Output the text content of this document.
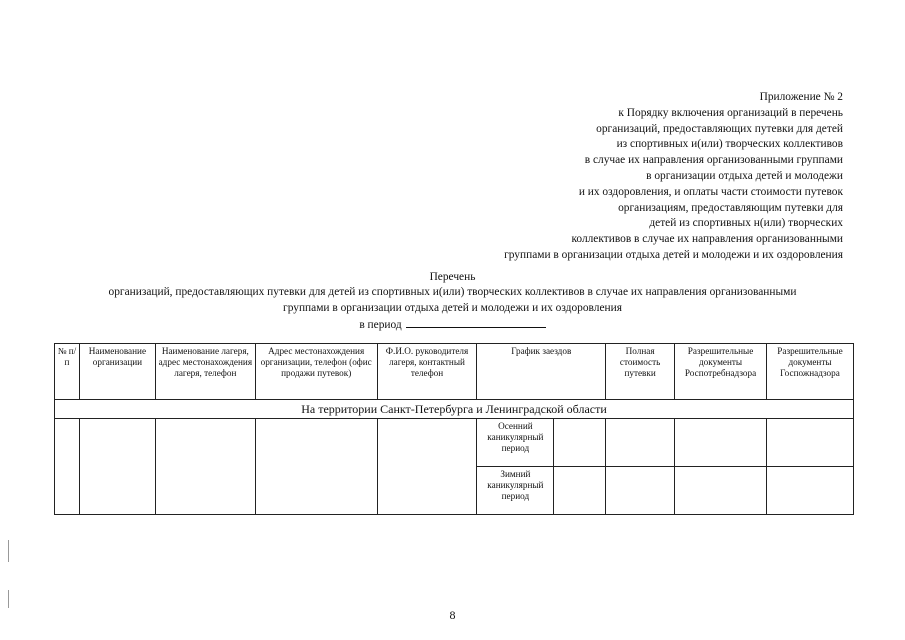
Приложение № 2
к Порядку включения организаций в перечень
организаций, предоставляющих путевки для детей
из спортивных и(или) творческих коллективов
в случае их направления организованными группами
в организации отдыха детей и молодежи
и их оздоровления, и оплаты части стоимости путевок
организациям, предоставляющим путевки для
детей из спортивных н(или) творческих
коллективов в случае их направления организованными
группами в организации отдыха детей и молодежи и их оздоровления
Перечень
организаций, предоставляющих путевки для детей из спортивных и(или) творческих коллективов в случае их направления организованными
группами в организации отдыха детей и молодежи и их оздоровления
в период
№ п/п	Наименование организации	Наименование лагеря, адрес местонахождения лагеря, телефон	Адрес местонахождения организации, телефон (офис продажи путевок)	Ф.И.О. руководителя лагеря, контактный телефон	График заездов		Полная стоимость путевки	Разрешительные документы Роспотребнадзора	Разрешительные документы Госпожнадзора
На территории Санкт-Петербурга и Ленинградской области									
					Осенний каникулярный период				
					Зимний каникулярный период				
8
